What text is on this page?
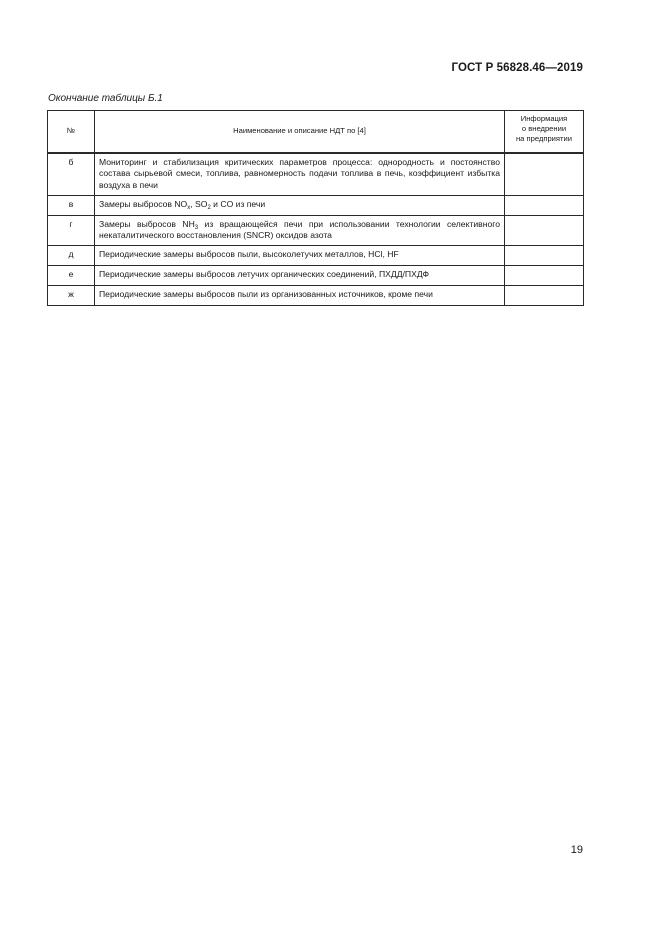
ГОСТ Р 56828.46—2019
Окончание таблицы Б.1
№	Наименование и описание НДТ по [4]	Информация
о внедрении
на предприятии
б	Мониторинг и стабилизация критических параметров процесса: однородность и постоянство состава сырьевой смеси, топлива, равномерность подачи топлива в печь, коэффициент избытка воздуха в печи	
в	Замеры выбросов $NO_x$, $SO_2$ и CO из печи	
г	Замеры выбросов $NH_3$ из вращающейся печи при использовании технологии селективного некаталитического восстановления (SNCR) оксидов азота	
д	Периодические замеры выбросов пыли, высоколетучих металлов, HCl, HF	
е	Периодические замеры выбросов летучих органических соединений, ПХДД/ПХДФ	
ж	Периодические замеры выбросов пыли из организованных источников, кроме печи	
19
